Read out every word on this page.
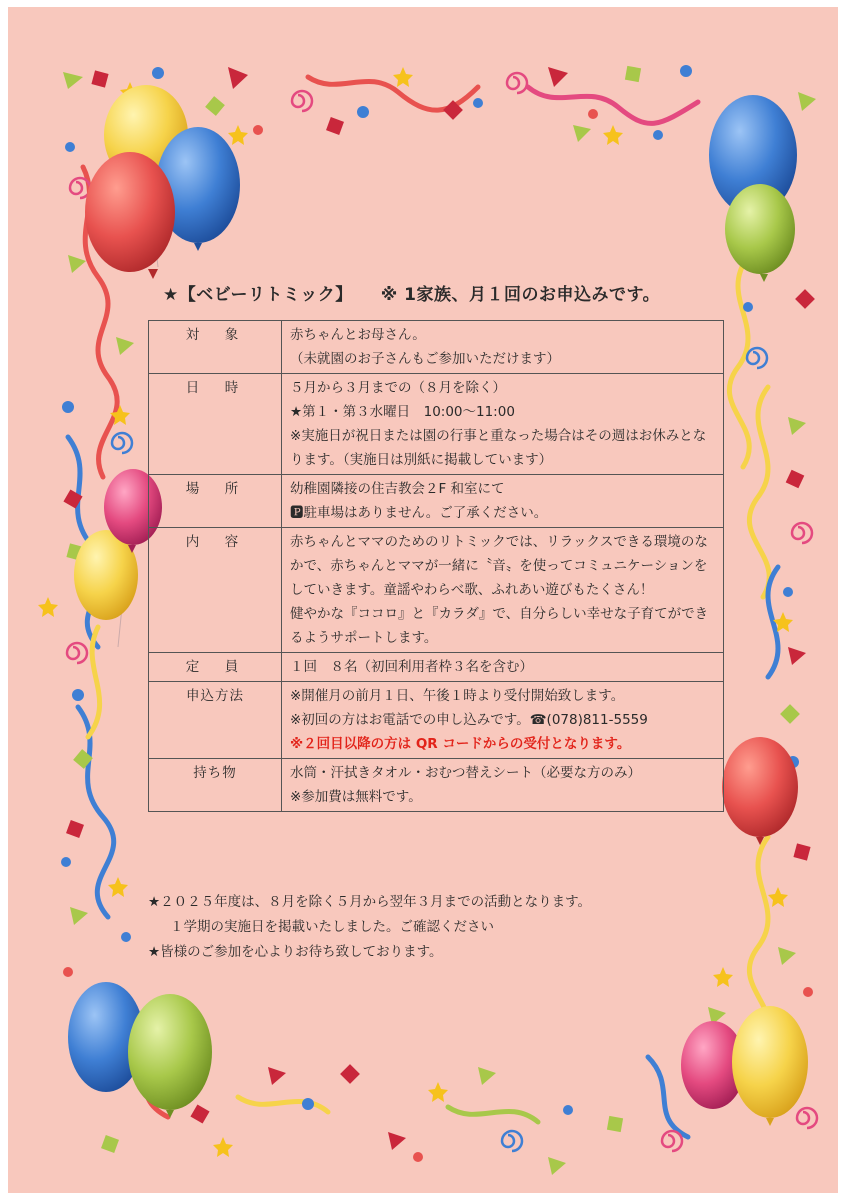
★【ベビーリトミック】 ※ 1家族、月１回のお申込みです。
対　象	赤ちゃんとお母さん。
（未就園のお子さんもご参加いただけます）

日　時	５月から３月までの（８月を除く）
★第１・第３水曜日　10:00～11:00
※実施日が祝日または園の行事と重なった場合はその週はお休みとなります。（実施日は別紙に掲載しています）

場　所	幼稚園隣接の住吉教会２F 和室にて
🅿駐車場はありません。ご了承ください。

内　容	赤ちゃんとママのためのリトミックでは、リラックスできる環境のなかで、赤ちゃんとママが一緒に〝音〟を使ってコミュニケーションをしていきます。童謡やわらべ歌、ふれあい遊びもたくさん！
健やかな『ココロ』と『カラダ』で、自分らしい幸せな子育てができるようサポートします。

定　員	１回　８名（初回利用者枠３名を含む）

申込方法	※開催月の前月１日、午後１時より受付開始致します。
※初回の方はお電話での申し込みです。☎(078)811-5559
※２回目以降の方は QR コードからの受付となります。

持ち物	水筒・汗拭きタオル・おむつ替えシート（必要な方のみ）
※参加費は無料です。
★２０２５年度は、８月を除く５月から翌年３月までの活動となります。
１学期の実施日を掲載いたしました。ご確認ください
★皆様のご参加を心よりお待ち致しております。
